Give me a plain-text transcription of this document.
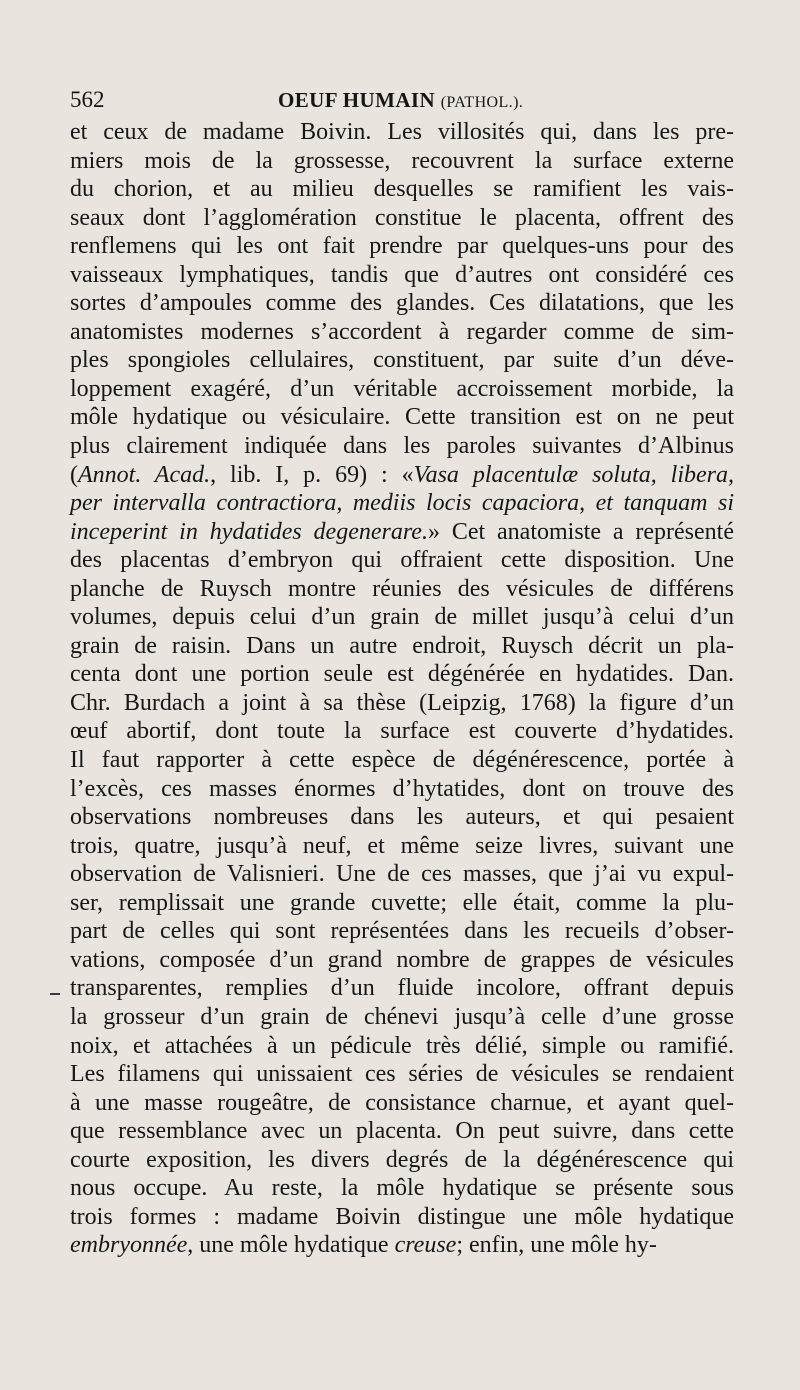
562	OEUF HUMAIN (PATHOL.).
et ceux de madame Boivin. Les villosités qui, dans les pre-
miers mois de la grossesse, recouvrent la surface externe
du chorion, et au milieu desquelles se ramifient les vais-
seaux dont l’agglomération constitue le placenta, offrent des
renflemens qui les ont fait prendre par quelques-uns pour des
vaisseaux lymphatiques, tandis que d’autres ont considéré ces
sortes d’ampoules comme des glandes. Ces dilatations, que les
anatomistes modernes s’accordent à regarder comme de sim-
ples spongioles cellulaires, constituent, par suite d’un déve-
loppement exagéré, d’un véritable accroissement morbide, la
môle hydatique ou vésiculaire. Cette transition est on ne peut
plus clairement indiquée dans les paroles suivantes d’Albinus
(Annot. Acad., lib. I, p. 69) : «Vasa placentulæ soluta, libera,
per intervalla contractiora, mediis locis capaciora, et tanquam si
inceperint in hydatides degenerare.» Cet anatomiste a représenté
des placentas d’embryon qui offraient cette disposition. Une
planche de Ruysch montre réunies des vésicules de différens
volumes, depuis celui d’un grain de millet jusqu’à celui d’un
grain de raisin. Dans un autre endroit, Ruysch décrit un pla-
centa dont une portion seule est dégénérée en hydatides. Dan.
Chr. Burdach a joint à sa thèse (Leipzig, 1768) la figure d’un
œuf abortif, dont toute la surface est couverte d’hydatides.
Il faut rapporter à cette espèce de dégénérescence, portée à
l’excès, ces masses énormes d’hytatides, dont on trouve des
observations nombreuses dans les auteurs, et qui pesaient
trois, quatre, jusqu’à neuf, et même seize livres, suivant une
observation de Valisnieri. Une de ces masses, que j’ai vu expul-
ser, remplissait une grande cuvette; elle était, comme la plu-
part de celles qui sont représentées dans les recueils d’obser-
vations, composée d’un grand nombre de grappes de vésicules
transparentes, remplies d’un fluide incolore, offrant depuis
la grosseur d’un grain de chénevi jusqu’à celle d’une grosse
noix, et attachées à un pédicule très délié, simple ou ramifié.
Les filamens qui unissaient ces séries de vésicules se rendaient
à une masse rougeâtre, de consistance charnue, et ayant quel-
que ressemblance avec un placenta. On peut suivre, dans cette
courte exposition, les divers degrés de la dégénérescence qui
nous occupe. Au reste, la môle hydatique se présente sous
trois formes : madame Boivin distingue une môle hydatique
embryonnée, une môle hydatique creuse; enfin, une môle hy-
